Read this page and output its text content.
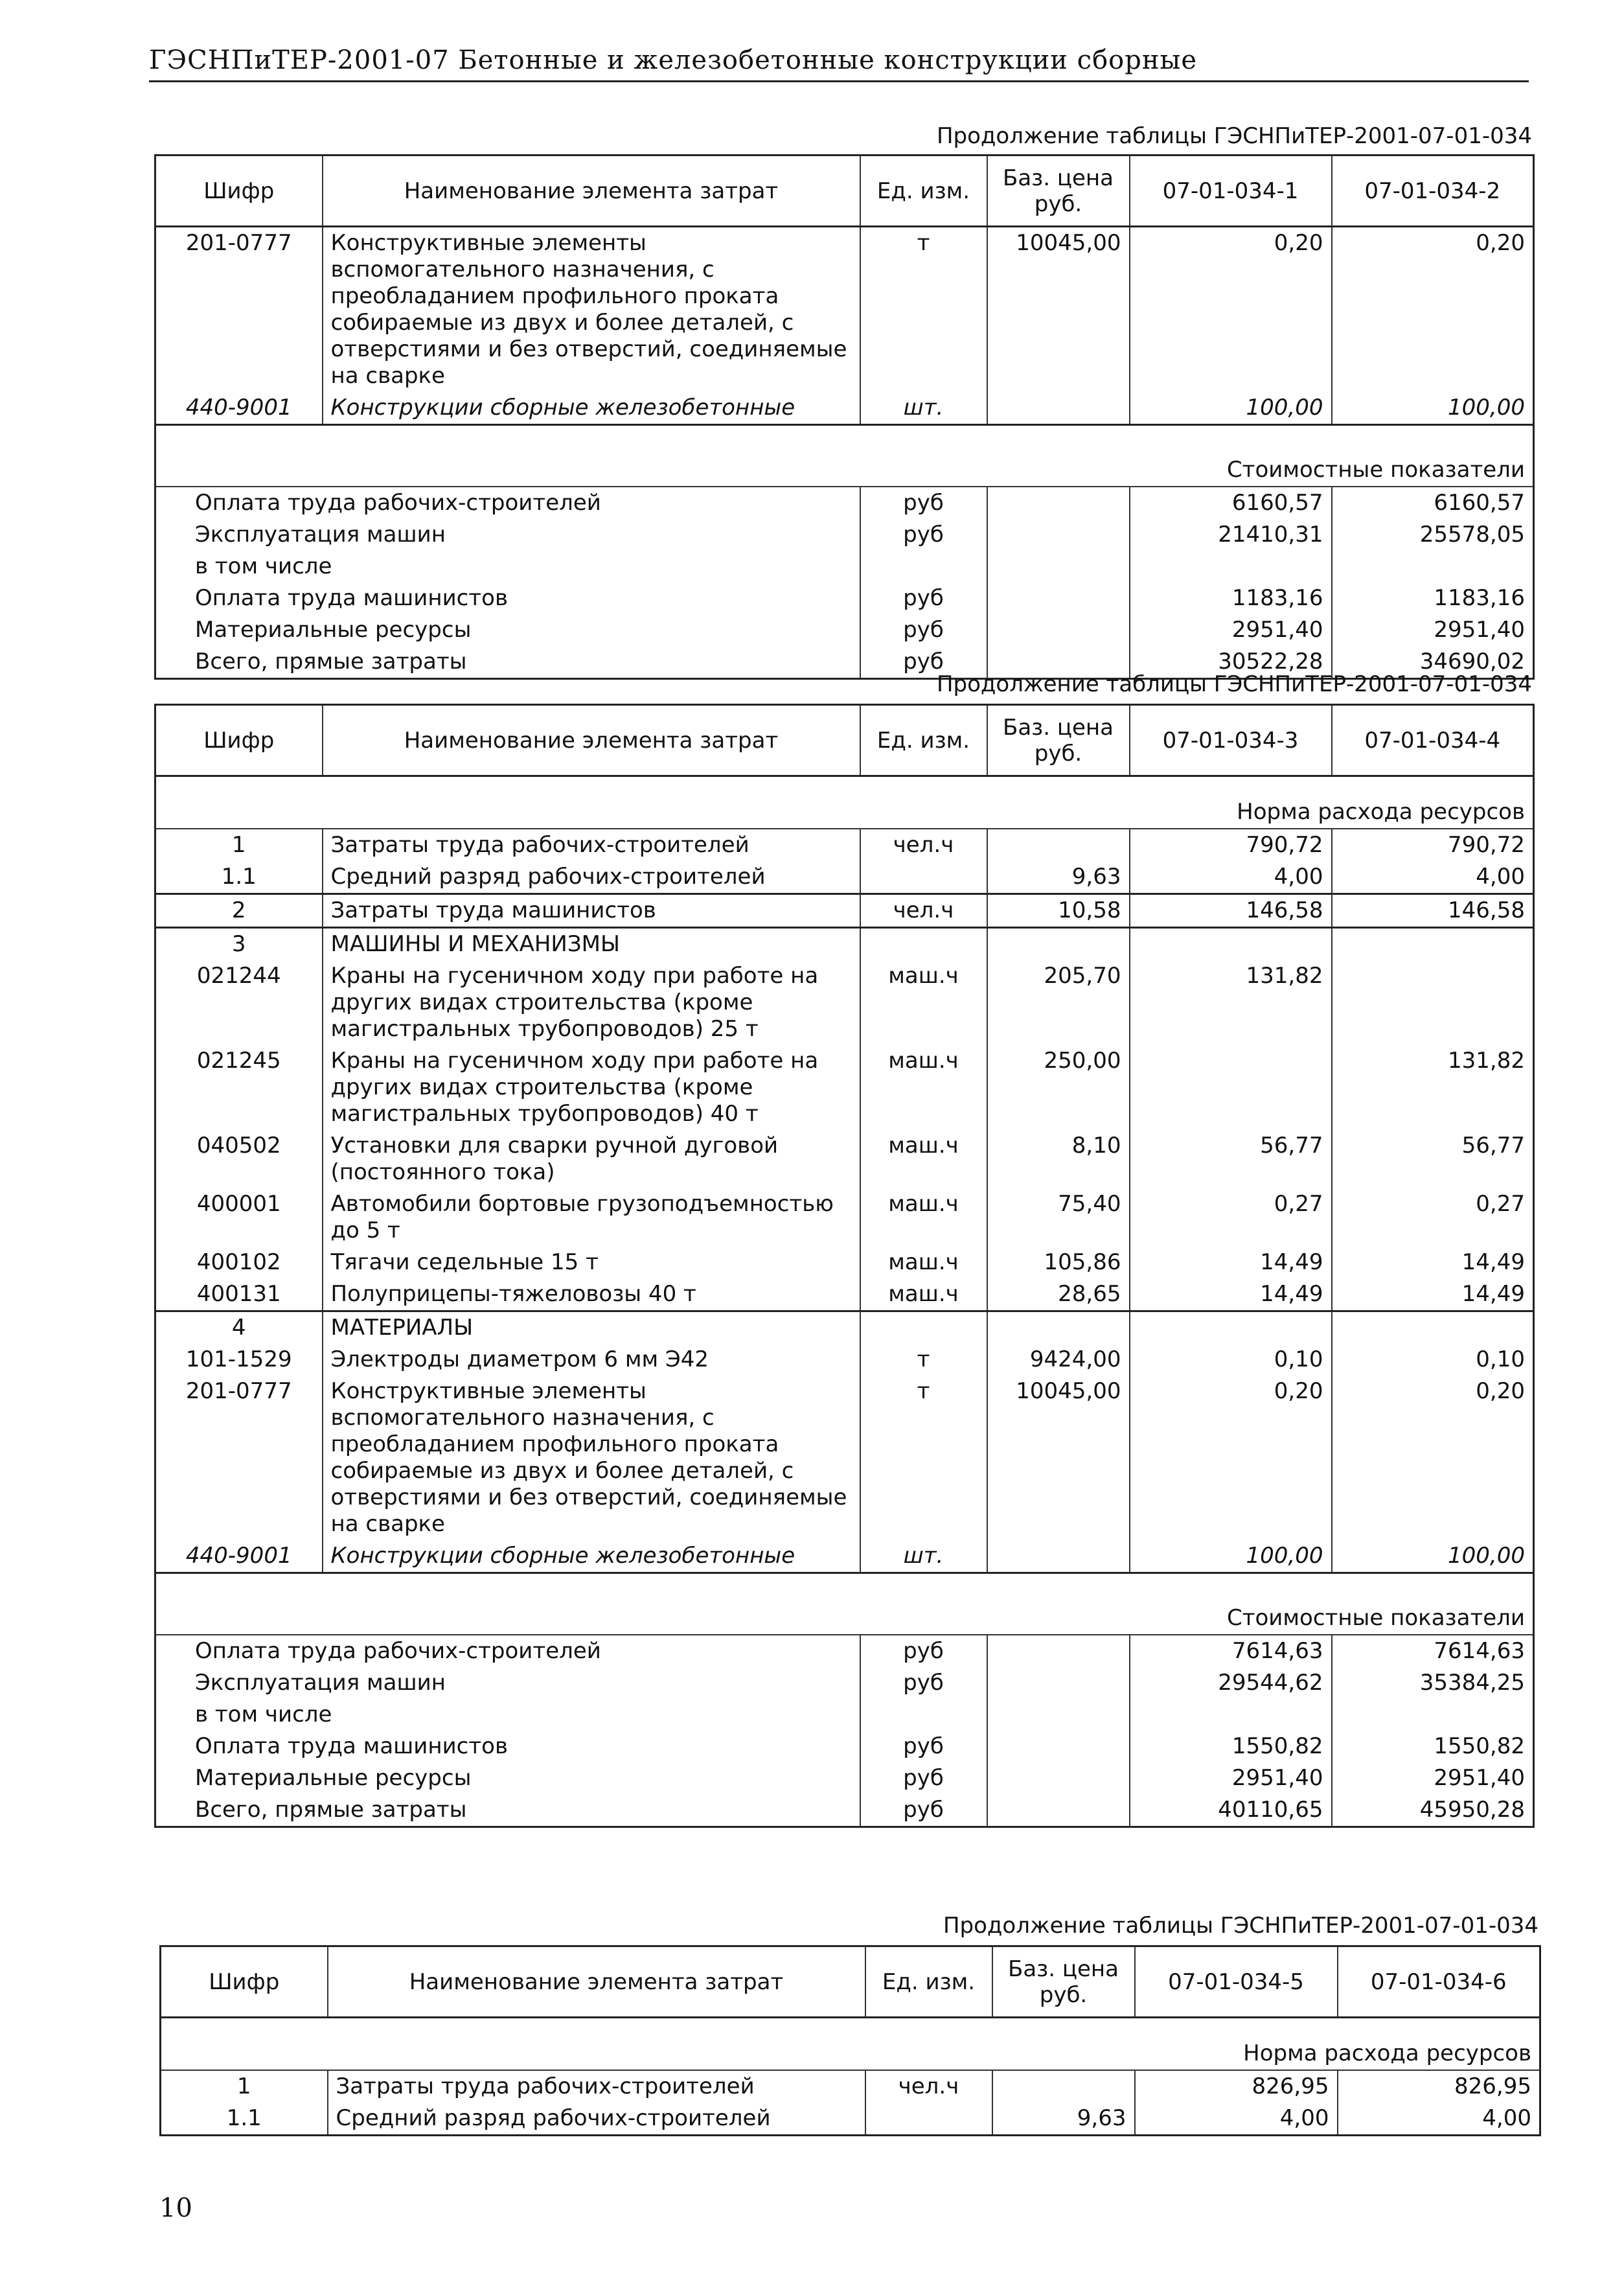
ГЭСНПиТЕР-2001-07 Бетонные и железобетонные конструкции сборные
Продолжение таблицы ГЭСНПиТЕР-2001-07-01-034
Шифр	Наименование элемента затрат	Ед. изм.	Баз. цена руб.	07-01-034-1	07-01-034-2
201-0777	Конструктивные элементы вспомогательного назначения, с преобладанием профильного проката собираемые из двух и более деталей, с отверстиями и без отверстий, соединяемые на сварке	т	10045,00	0,20	0,20
440-9001	Конструкции сборные железобетонные	шт.		100,00	100,00
Стоимостные показатели					
Оплата труда рабочих-строителей		руб		6160,57	6160,57
Эксплуатация машин		руб		21410,31	25578,05
в том числе					
Оплата труда машинистов		руб		1183,16	1183,16
Материальные ресурсы		руб		2951,40	2951,40
Всего, прямые затраты		руб		30522,28	34690,02
Продолжение таблицы ГЭСНПиТЕР-2001-07-01-034
Шифр	Наименование элемента затрат	Ед. изм.	Баз. цена руб.	07-01-034-3	07-01-034-4
Норма расхода ресурсов					
1	Затраты труда рабочих-строителей	чел.ч		790,72	790,72
1.1	Средний разряд рабочих-строителей		9,63	4,00	4,00
2	Затраты труда машинистов	чел.ч	10,58	146,58	146,58
3	МАШИНЫ И МЕХАНИЗМЫ				
021244	Краны на гусеничном ходу при работе на других видах строительства (кроме магистральных трубопроводов) 25 т	маш.ч	205,70	131,82	
021245	Краны на гусеничном ходу при работе на других видах строительства (кроме магистральных трубопроводов) 40 т	маш.ч	250,00		131,82
040502	Установки для сварки ручной дуговой (постоянного тока)	маш.ч	8,10	56,77	56,77
400001	Автомобили бортовые грузоподъемностью до 5 т	маш.ч	75,40	0,27	0,27
400102	Тягачи седельные 15 т	маш.ч	105,86	14,49	14,49
400131	Полуприцепы-тяжеловозы 40 т	маш.ч	28,65	14,49	14,49
4	МАТЕРИАЛЫ				
101-1529	Электроды диаметром 6 мм Э42	т	9424,00	0,10	0,10
201-0777	Конструктивные элементы вспомогательного назначения, с преобладанием профильного проката собираемые из двух и более деталей, с отверстиями и без отверстий, соединяемые на сварке	т	10045,00	0,20	0,20
440-9001	Конструкции сборные железобетонные	шт.		100,00	100,00
Стоимостные показатели					
Оплата труда рабочих-строителей		руб		7614,63	7614,63
Эксплуатация машин		руб		29544,62	35384,25
в том числе					
Оплата труда машинистов		руб		1550,82	1550,82
Материальные ресурсы		руб		2951,40	2951,40
Всего, прямые затраты		руб		40110,65	45950,28
Продолжение таблицы ГЭСНПиТЕР-2001-07-01-034
Шифр	Наименование элемента затрат	Ед. изм.	Баз. цена руб.	07-01-034-5	07-01-034-6
Норма расхода ресурсов					
1	Затраты труда рабочих-строителей	чел.ч		826,95	826,95
1.1	Средний разряд рабочих-строителей		9,63	4,00	4,00
10
